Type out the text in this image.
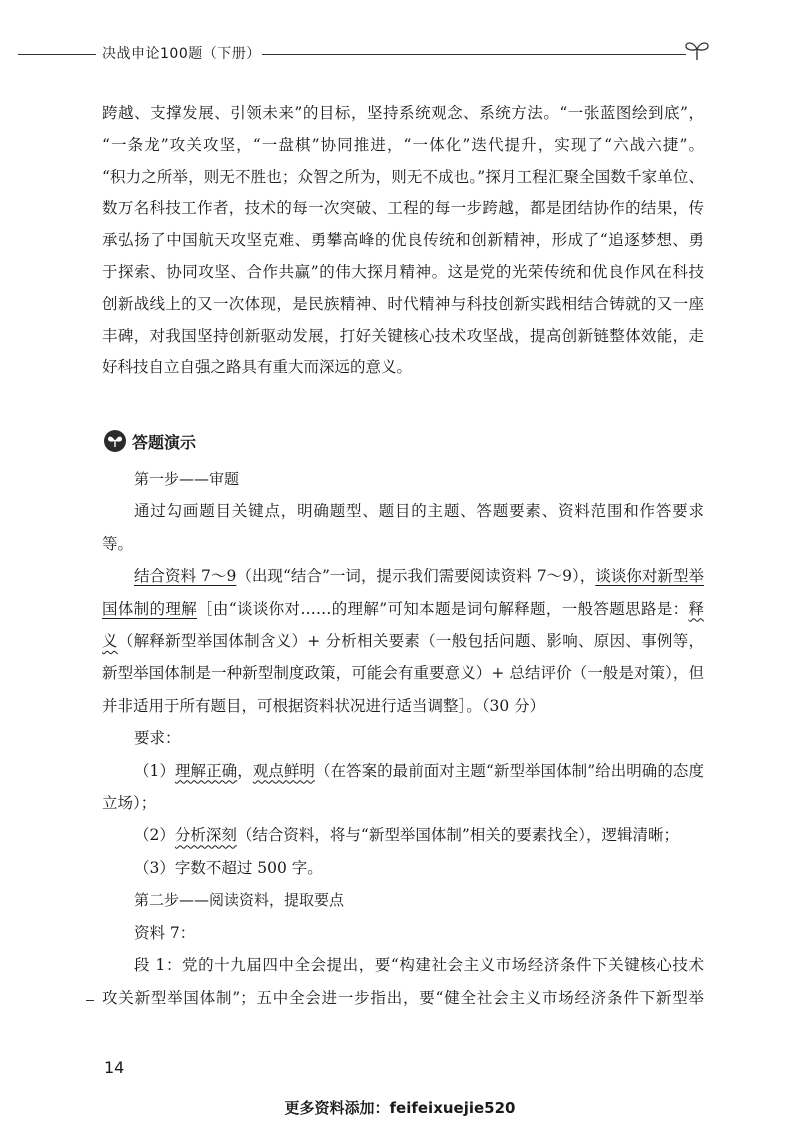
决战申论100题（下册）

跨越、支撑发展、引领未来”的目标，坚持系统观念、系统方法。“一张蓝图绘到底”，

“一条龙”攻关攻坚，“一盘棋”协同推进，“一体化”迭代提升，实现了“六战六捷”。

“积力之所举，则无不胜也；众智之所为，则无不成也。”探月工程汇聚全国数千家单位、

数万名科技工作者，技术的每一次突破、工程的每一步跨越，都是团结协作的结果，传

承弘扬了中国航天攻坚克难、勇攀高峰的优良传统和创新精神，形成了“追逐梦想、勇

于探索、协同攻坚、合作共赢”的伟大探月精神。这是党的光荣传统和优良作风在科技

创新战线上的又一次体现，是民族精神、时代精神与科技创新实践相结合铸就的又一座

丰碑，对我国坚持创新驱动发展，打好关键核心技术攻坚战，提高创新链整体效能，走

好科技自立自强之路具有重大而深远的意义。

答题演示

第一步——审题

通过勾画题目关键点，明确题型、题目的主题、答题要素、资料范围和作答要求等。

结合资料 7～9（出现“结合”一词，提示我们需要阅读资料 7～9），谈谈你对新型举国体制的理解［由“谈谈你对……的理解”可知本题是词句解释题，一般答题思路是：释义（解释新型举国体制含义）+ 分析相关要素（一般包括问题、影响、原因、事例等，新型举国体制是一种新型制度政策，可能会有重要意义）+ 总结评价（一般是对策），但并非适用于所有题目，可根据资料状况进行适当调整］。（30 分）

要求：

（1）理解正确，观点鲜明（在答案的最前面对主题“新型举国体制”给出明确的态度立场）；

（2）分析深刻（结合资料，将与“新型举国体制”相关的要素找全），逻辑清晰；

（3）字数不超过 500 字。

第二步——阅读资料，提取要点

资料 7：

段 1：党的十九届四中全会提出，要“构建社会主义市场经济条件下关键核心技术

攻关新型举国体制”；五中全会进一步指出，要“健全社会主义市场经济条件下新型举

14
更多资料添加：feifeixuejie520
